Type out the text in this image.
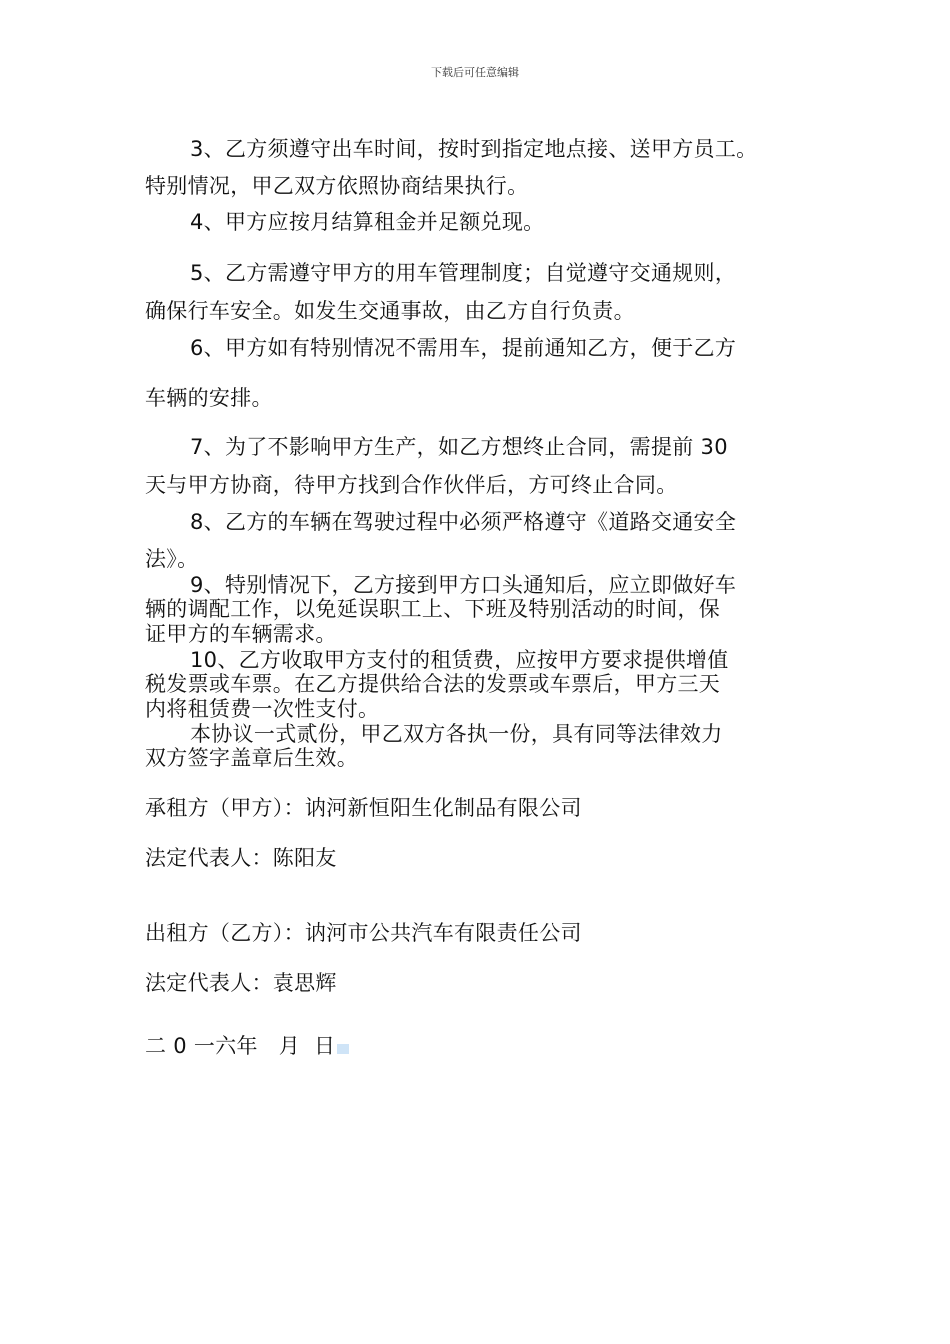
下载后可任意编辑
3、乙方须遵守出车时间，按时到指定地点接、送甲方员工。
特别情况，甲乙双方依照协商结果执行。
4、甲方应按月结算租金并足额兑现。
5、乙方需遵守甲方的用车管理制度；自觉遵守交通规则，
确保行车安全。如发生交通事故，由乙方自行负责。
6、甲方如有特别情况不需用车，提前通知乙方，便于乙方
车辆的安排。
7、为了不影响甲方生产，如乙方想终止合同，需提前 30
天与甲方协商，待甲方找到合作伙伴后，方可终止合同。
8、乙方的车辆在驾驶过程中必须严格遵守《道路交通安全
法》。
9、特别情况下，乙方接到甲方口头通知后，应立即做好车
辆的调配工作，以免延误职工上、下班及特别活动的时间，保
证甲方的车辆需求。
10、乙方收取甲方支付的租赁费，应按甲方要求提供增值
税发票或车票。在乙方提供给合法的发票或车票后，甲方三天
内将租赁费一次性支付。
本协议一式贰份，甲乙双方各执一份，具有同等法律效力
双方签字盖章后生效。
承租方（甲方）：讷河新恒阳生化制品有限公司
法定代表人：陈阳友
出租方（乙方）：讷河市公共汽车有限责任公司
法定代表人：袁思辉
二 0 一六年   月  日
